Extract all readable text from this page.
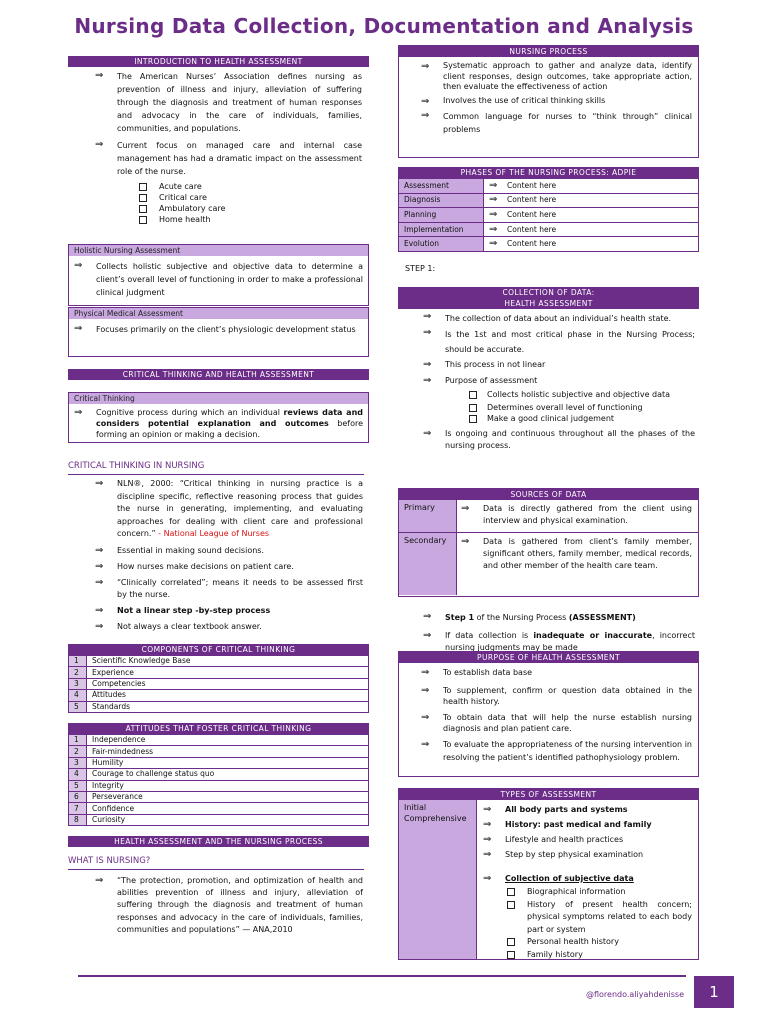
Nursing Data Collection, Documentation and Analysis
INTRODUCTION TO HEALTH ASSESSMENT
⇒	The American Nurses’ Association defines nursing as prevention of illness and injury, alleviation of suffering through the diagnosis and treatment of human responses and advocacy in the care of individuals, families, communities, and populations.
⇒	Current focus on managed care and internal case management has had a dramatic impact on the assessment role of the nurse.
Acute care
Critical care
Ambulatory care
Home health
Holistic Nursing Assessment
⇒	Collects holistic subjective and objective data to determine a client’s overall level of functioning in order to make a professional clinical judgment
Physical Medical Assessment
⇒	Focuses primarily on the client’s physiologic development status
CRITICAL THINKING AND HEALTH ASSESSMENT
Critical Thinking
⇒	Cognitive process during which an individual reviews data and considers potential explanation and outcomes before forming an opinion or making a decision.
CRITICAL THINKING IN NURSING
⇒	NLN®, 2000: “Critical thinking in nursing practice is a discipline specific, reflective reasoning process that guides the nurse in generating, implementing, and evaluating approaches for dealing with client care and professional concern.” - National League of Nurses
⇒	Essential in making sound decisions.
⇒	How nurses make decisions on patient care.
⇒	“Clinically correlated”; means it needs to be assessed first by the nurse.
⇒	Not a linear step -by-step process
⇒	Not always a clear textbook answer.
COMPONENTS OF CRITICAL THINKING
1	Scientific Knowledge Base
2	Experience
3	Competencies
4	Attitudes
5	Standards
ATTITUDES THAT FOSTER CRITICAL THINKING
1	Independence
2	Fair-mindedness
3	Humility
4	Courage to challenge status quo
5	Integrity
6	Perseverance
7	Confidence
8	Curiosity
HEALTH ASSESSMENT AND THE NURSING PROCESS
WHAT IS NURSING?
⇒	“The protection, promotion, and optimization of health and abilities prevention of illness and injury, alleviation of suffering through the diagnosis and treatment of human responses and advocacy in the care of individuals, families, communities and populations” — ANA,2010
NURSING PROCESS
⇒	Systematic approach to gather and analyze data, identify client responses, design outcomes, take appropriate action, then evaluate the effectiveness of action
⇒	Involves the use of critical thinking skills
⇒	Common language for nurses to “think through” clinical problems
PHASES OF THE NURSING PROCESS: ADPIE
Assessment	⇒ Content here
Diagnosis	⇒ Content here
Planning	⇒ Content here
Implementation	⇒ Content here
Evolution	⇒ Content here
STEP 1:
COLLECTION OF DATA:
HEALTH ASSESSMENT
⇒	The collection of data about an individual’s health state.
⇒	Is the 1st and most critical phase in the Nursing Process; should be accurate.
⇒	This process in not linear
⇒	Purpose of assessment
Collects holistic subjective and objective data
Determines overall level of functioning
Make a good clinical judgement
⇒	Is ongoing and continuous throughout all the phases of the nursing process.
SOURCES OF DATA
Primary	⇒	Data is directly gathered from the client using interview and physical examination.
Secondary	⇒	Data is gathered from client’s family member, significant others, family member, medical records, and other member of the health care team.
⇒	Step 1 of the Nursing Process (ASSESSMENT)
⇒	If data collection is inadequate or inaccurate, incorrect nursing judgments may be made
PURPOSE OF HEALTH ASSESSMENT
⇒	To establish data base
⇒	To supplement, confirm or question data obtained in the health history.
⇒	To obtain data that will help the nurse establish nursing diagnosis and plan patient care.
⇒	To evaluate the appropriateness of the nursing intervention in resolving the patient’s identified pathophysiology problem.
TYPES OF ASSESSMENT
Initial
Comprehensive
⇒	All body parts and systems
⇒	History: past medical and family
⇒	Lifestyle and health practices
⇒	Step by step physical examination
⇒	Collection of subjective data
Biographical information
History of present health concern; physical symptoms related to each body part or system
Personal health history
Family history
@florendo.aliyahdenisse	1
